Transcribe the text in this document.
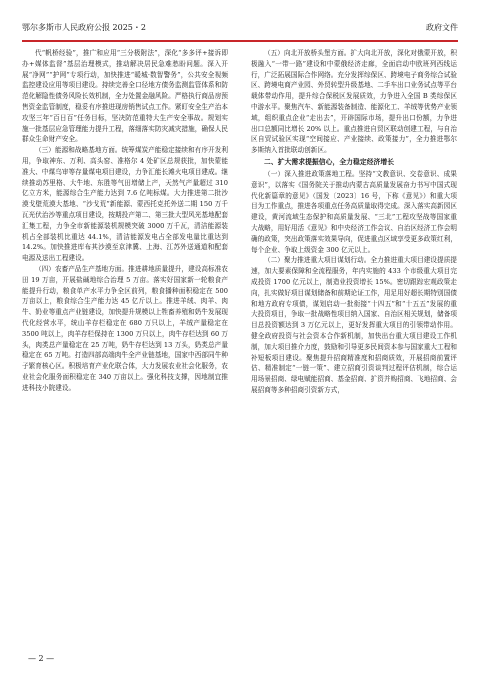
鄂尔多斯市人民政府公报 2025・2	政府文件

代“帆桥经验”，推广和应用“三分极附法”，深化“多多评+接诉即办+媒体监督”基层治理模式，推动解决居民急难愁盼问题。深入开展“净网”“护网”专项行动，加快推进“暖城·数智警务”，公共安全视频监控建设应用等项目建设。持续完善全口径地方债务监测监管体系和防范化解隐性债务风险长效机制，全力处置金融风险。严格执行商品房预售资金监管制度，稳妥有序推进现房销售试点工作。紧盯安全生产治本攻坚三年“百日百”任务目标，坚决防范重特大生产安全事故。规划实施一批基层应急管理能力提升工程，落细落实防灾减灾措施，确保人民群众生命财产安全。

（三）能源和战略基地方面。统筹煤炭产能稳定接续和有序开发利用，争取神东、万利、高头窑、准格尔 4 处矿区总规获批，加快蒙能准大、中煤乌审等存量煤电项目建设，力争汇能长滩火电项目建成。继续推动苏里格、大牛地、东胜等气田增储上产，天然气产量超过 310 亿立方米，能源综合生产能力达到 7.6 亿吨标煤。大力推进第二批沙漠戈壁荒漠大基地、“沙戈荒”新能源、蒙西托克托外送二期 150 万千瓦光伏治沙等重点项目建设，按期投产第二、第三批大型风光基地配套汇集工程，力争全市新能源装机规模突破 3000 万千瓦，清洁能源装机占全部装机比重达 44.1%，清洁能源发电占全部发电量比重达到 14.2%。加快推进库布其沙漠至京津冀、上海、江苏外送通道和配套电源及送出工程建设。

（四）农畜产品生产基地方面。推进耕地质量提升，建设高标准农田 19 万亩，开展盐碱地综合治理 5 万亩。落实好国家新一轮粮食产能提升行动，粮食单产水平力争全区前列，粮食播种面积稳定在 500 万亩以上，粮食综合生产能力达 45 亿斤以上。推进羊绒、肉羊、肉牛、奶业等重点产业链建设，加快提升规模以上牲畜养殖和奶牛发展现代化经营水平，统山羊存栏稳定在 680 万只以上，羊绒产量稳定在 3500 吨以上，肉羊存栏保持在 1300 万只以上，肉牛存栏达到 60 万头，肉类总产量稳定在 25 万吨，奶牛存栏达到 13 万头，奶类总产量稳定在 65 万吨。打造四部高端肉牛全产业链基地，国家中西部同牛种子繁育核心区。积极培育产业化联合体，大力发展农业社会化服务，农业社会化服务面积稳定在 340 万亩以上。强化科技支撑，因地制宜推进科技小院建设。

（五）向北开放桥头堡方面。扩大向北开放，深化对俄蒙开放，积极融入“一带一路”建设和中蒙俄经济走廊，全面启动中欧班列西线运行，广泛拓展国际合作网络。充分发挥综保区、跨境电子商务综合试验区、跨境电商产业园、外贸转型升级基地、二手车出口业务试点等平台载体带动作用，提升综合保税区发展质效，力争进入全国 B 类综保区中游水平。聚焦汽车、新能源装备制造、能源化工、羊绒等优势产业领域，组织重点企业“走出去”，开辟国际市场，提升出口份额，力争进出口总额同比增长 20% 以上。重点推进自贸区联动创建工程，与自治区自贸试验区实现“空间接应、产业接续、政策接力”，全力推进鄂尔多斯纳入首批联动创新区。

二、扩大需求提振信心，全力稳定经济增长

（一）深入推进政策落地工程。坚持“文教意识、交卷意识、成果意识”，以落实《国务院关于推动内蒙古高质量发展奋力书写中国式现代化新篇章的意见》（国发〔2023〕16 号，下称《意见》）和重大项目为工作重点，推进各项重点任务高质量取得完成。深入落实高新园区建设，黄河流域生态保护和高质量发展、“三北”工程攻坚战等国家重大战略，用好用活《意见》和中央经济工作会议、自治区经济工作会明确的政策，突出政策落实效果导向，促进重点区域享受更多政策红利，每个企业、争取上级资金 300 亿元以上。

（二）聚力推进重大项目谋划行动。全力推进重大项目建设提质提速，加大要素保障和全流程服务，年内实施的 433 个市级重大项目完成投资 1700 亿元以上，制造业投资增长 15%。密切跟踪宏观政策走向，扎实做好项目谋划储备和前期论证工作，用足用好超长期特别国债和地方政府专项债，谋划启动一批衔接“十四五”和“十五五”发展的重大投资项目，争取一批战略性项目纳入国家、自治区相关规划，储备项目总投资额达到 3 万亿元以上，更好发挥重大项目的引领带动作用。健全政府投资与社会资本合作新机制，加快出台重大项目建设工作机制，加大项目推介力度，鼓励和引导更多民间资本参与国家重大工程和补短板项目建设。聚焦提升招商精准度和招商质效，开展招商前置评估、精准制定“一链一策”、建立招商引资谈判过程评估机制，综合运用场景招商、绿电赋能招商、基金招商、扩资并购招商、飞地招商、会展招商等多种招商引资新方式，

— 2 —
